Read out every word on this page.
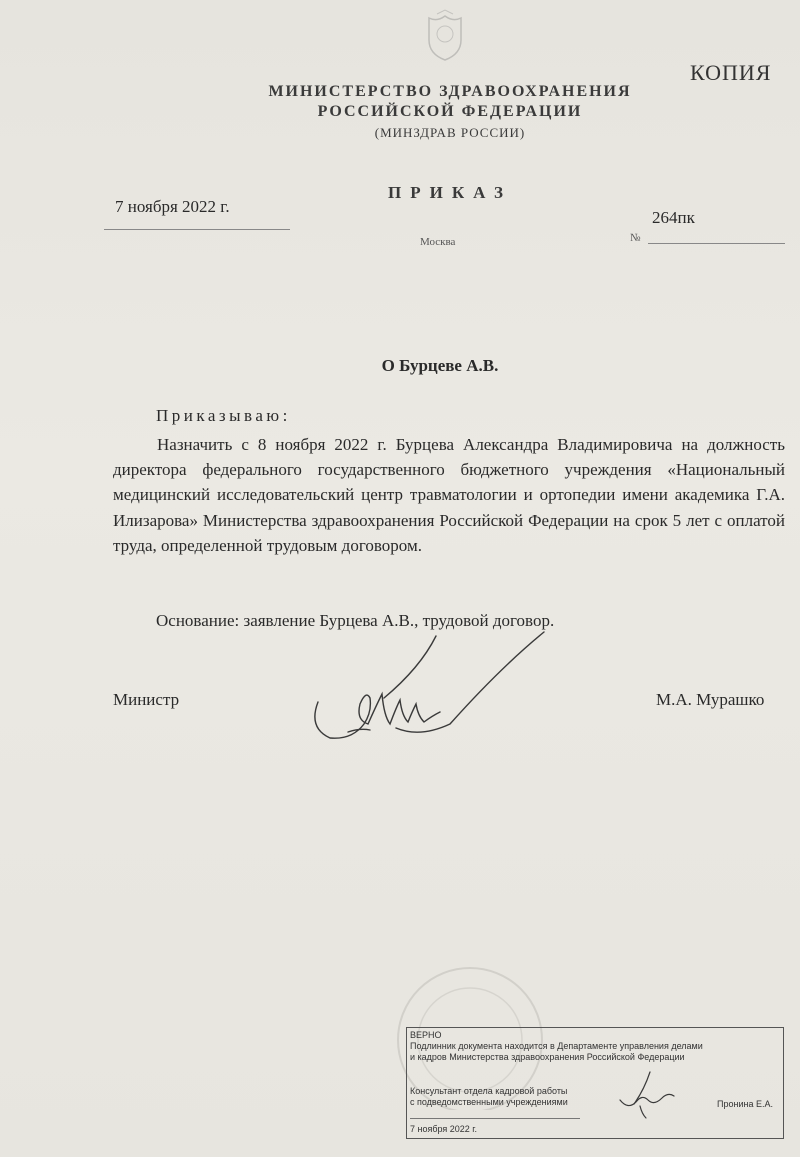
КОПИЯ
МИНИСТЕРСТВО ЗДРАВООХРАНЕНИЯ
РОССИЙСКОЙ ФЕДЕРАЦИИ
(МИНЗДРАВ РОССИИ)
ПРИКАЗ
7 ноября 2022 г.
264пк
№
Москва
О Бурцеве А.В.
Приказываю:
Назначить с 8 ноября 2022 г. Бурцева Александра Владимировича на должность директора федерального государственного бюджетного учреждения «Национальный медицинский исследовательский центр травматологии и ортопедии имени академика Г.А. Илизарова» Министерства здравоохранения Российской Федерации на срок 5 лет с оплатой труда, определенной трудовым договором.
Основание: заявление Бурцева А.В., трудовой договор.
Министр	М.А. Мурашко
ВЕРНО
Подлинник документа находится в Департаменте управления делами
и кадров Министерства здравоохранения Российской Федерации
Консультант отдела кадровой работы
с подведомственными учреждениями	Пронина Е.А.
7 ноября 2022 г.
